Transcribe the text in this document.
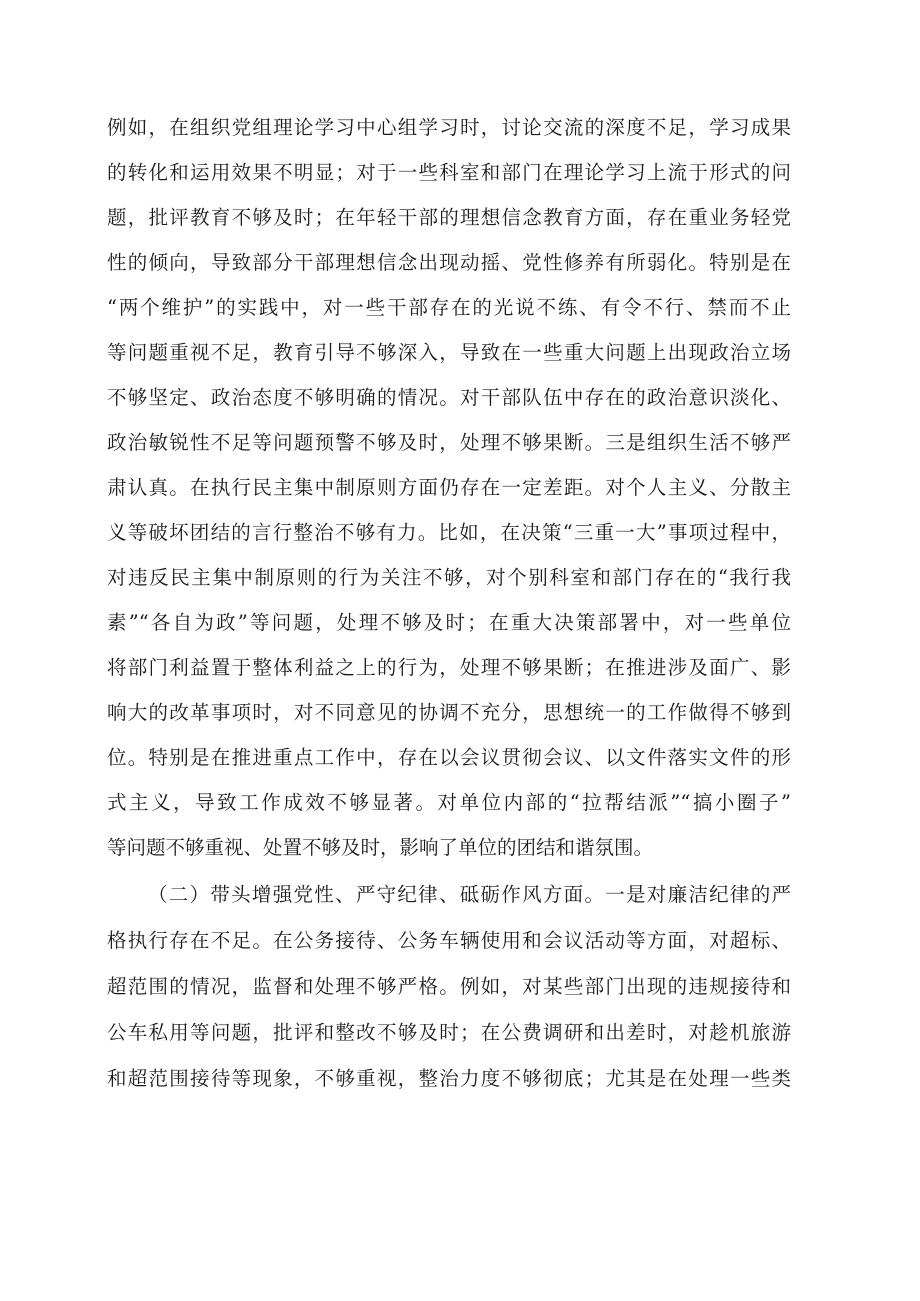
例如，在组织党组理论学习中心组学习时，讨论交流的深度不足，学习成果
的转化和运用效果不明显；对于一些科室和部门在理论学习上流于形式的问
题，批评教育不够及时；在年轻干部的理想信念教育方面，存在重业务轻党
性的倾向，导致部分干部理想信念出现动摇、党性修养有所弱化。特别是在
“两个维护”的实践中，对一些干部存在的光说不练、有令不行、禁而不止
等问题重视不足，教育引导不够深入，导致在一些重大问题上出现政治立场
不够坚定、政治态度不够明确的情况。对干部队伍中存在的政治意识淡化、
政治敏锐性不足等问题预警不够及时，处理不够果断。三是组织生活不够严
肃认真。在执行民主集中制原则方面仍存在一定差距。对个人主义、分散主
义等破坏团结的言行整治不够有力。比如，在决策“三重一大”事项过程中，
对违反民主集中制原则的行为关注不够，对个别科室和部门存在的“我行我
素”“各自为政”等问题，处理不够及时；在重大决策部署中，对一些单位
将部门利益置于整体利益之上的行为，处理不够果断；在推进涉及面广、影
响大的改革事项时，对不同意见的协调不充分，思想统一的工作做得不够到
位。特别是在推进重点工作中，存在以会议贯彻会议、以文件落实文件的形
式主义，导致工作成效不够显著。对单位内部的“拉帮结派”“搞小圈子”
等问题不够重视、处置不够及时，影响了单位的团结和谐氛围。
（二）带头增强党性、严守纪律、砥砺作风方面。一是对廉洁纪律的严
格执行存在不足。在公务接待、公务车辆使用和会议活动等方面，对超标、
超范围的情况，监督和处理不够严格。例如，对某些部门出现的违规接待和
公车私用等问题，批评和整改不够及时；在公费调研和出差时，对趁机旅游
和超范围接待等现象，不够重视，整治力度不够彻底；尤其是在处理一些类
